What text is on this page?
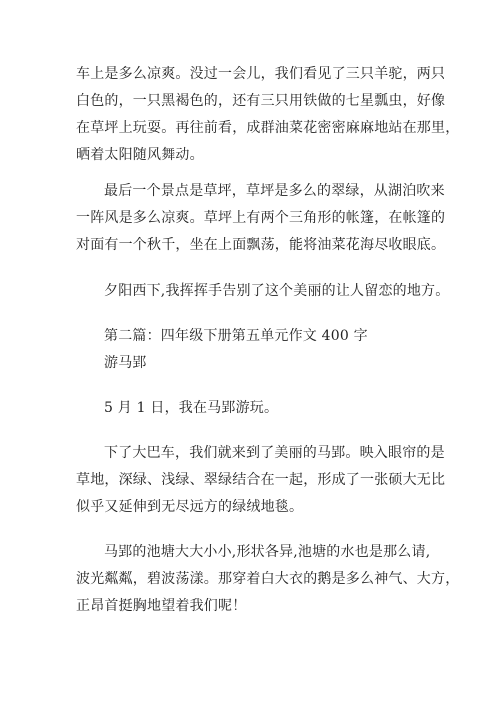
车上是多么凉爽。没过一会儿，我们看见了三只羊驼，两只
白色的，一只黑褐色的，还有三只用铁做的七星瓢虫，好像
在草坪上玩耍。再往前看，成群油菜花密密麻麻地站在那里，
晒着太阳随风舞动。
最后一个景点是草坪，草坪是多么的翠绿，从湖泊吹来
一阵风是多么凉爽。草坪上有两个三角形的帐篷，在帐篷的
对面有一个秋千，坐在上面飘荡，能将油菜花海尽收眼底。
夕阳西下,我挥挥手告别了这个美丽的让人留恋的地方。
第二篇：四年级下册第五单元作文 400 字
游马郢
5 月 1 日，我在马郢游玩。
下了大巴车，我们就来到了美丽的马郢。映入眼帘的是
草地，深绿、浅绿、翠绿结合在一起，形成了一张硕大无比
似乎又延伸到无尽远方的绿绒地毯。
马郢的池塘大大小小,形状各异,池塘的水也是那么请,
波光粼粼，碧波荡漾。那穿着白大衣的鹅是多么神气、大方，
正昂首挺胸地望着我们呢！
